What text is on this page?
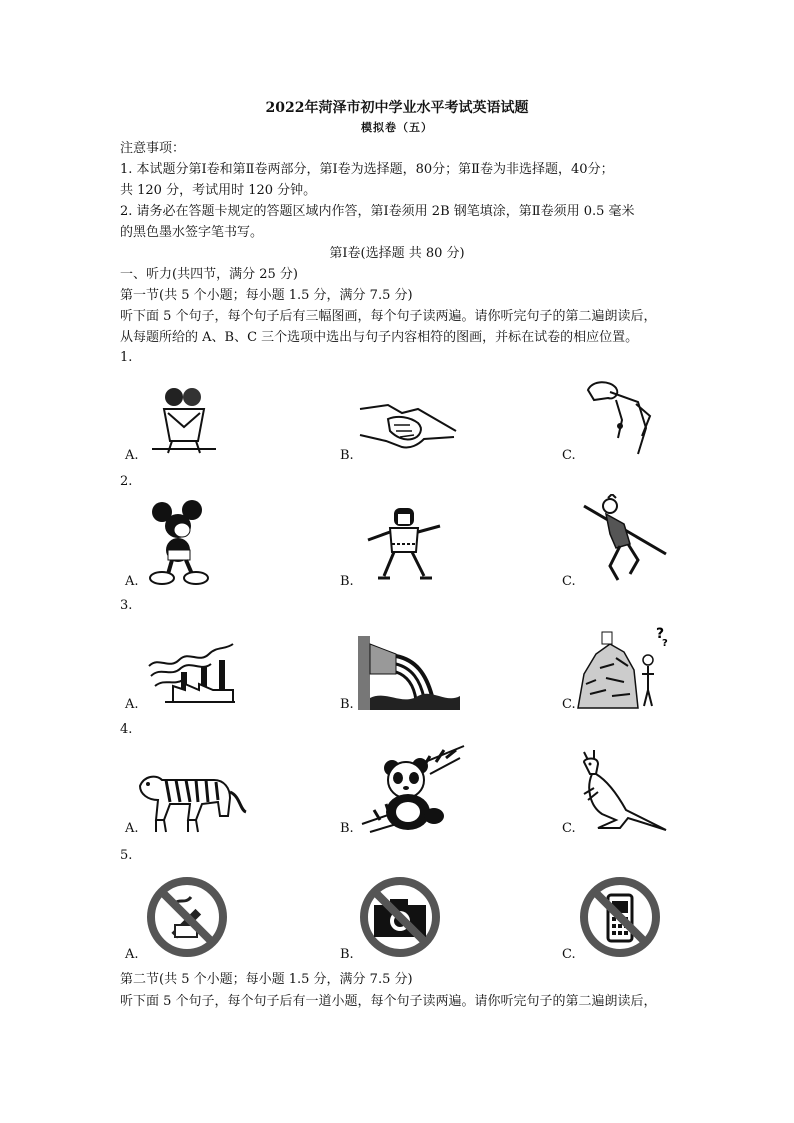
2022年菏泽市初中学业水平考试英语试题
模拟卷（五）
注意事项：
1. 本试题分第Ⅰ卷和第Ⅱ卷两部分，第Ⅰ卷为选择题，80分；第Ⅱ卷为非选择题，40分；
共 120 分，考试用时 120 分钟。
2. 请务必在答题卡规定的答题区域内作答，第Ⅰ卷须用 2B 钢笔填涂，第Ⅱ卷须用 0.5 毫米
的黑色墨水签字笔书写。
第Ⅰ卷(选择题 共 80 分)
一、听力(共四节，满分 25 分)
第一节(共 5 个小题；每小题 1.5 分，满分 7.5 分)
听下面 5 个句子，每个句子后有三幅图画，每个句子读两遍。请你听完句子的第二遍朗读后，
从每题所给的 A、B、C 三个选项中选出与句子内容相符的图画，并标在试卷的相应位置。
1.
A.	B.	C.
2.
A.	B.	C.
3.
A.	B.	C.
?
?
4.
A.	B.	C.
5.
A.	B.	C.
第二节(共 5 个小题；每小题 1.5 分，满分 7.5 分)
听下面 5 个句子，每个句子后有一道小题，每个句子读两遍。请你听完句子的第二遍朗读后，
